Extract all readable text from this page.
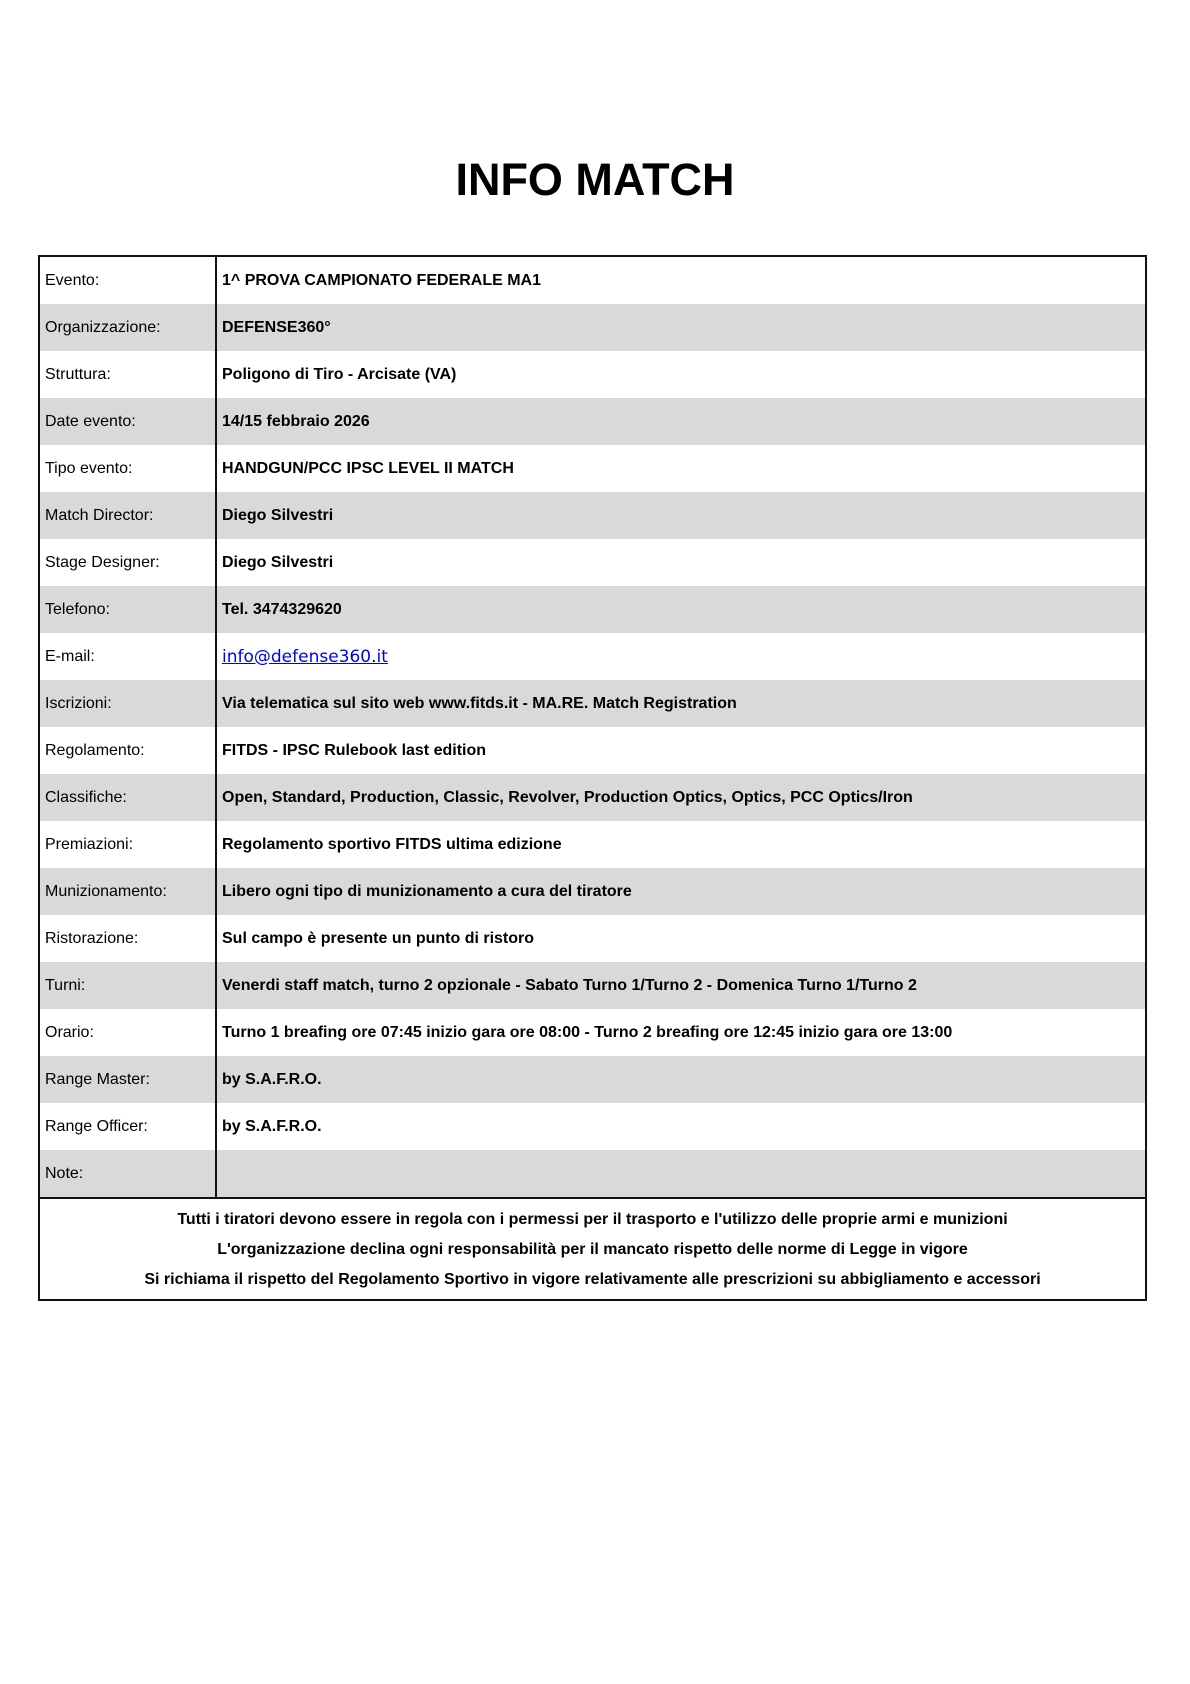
INFO MATCH
Evento:	1^ PROVA CAMPIONATO FEDERALE MA1
Organizzazione:	DEFENSE360°
Struttura:	Poligono di Tiro - Arcisate (VA)
Date evento:	14/15 febbraio 2026
Tipo evento:	HANDGUN/PCC IPSC LEVEL II MATCH
Match Director:	Diego Silvestri
Stage Designer:	Diego Silvestri
Telefono:	Tel. 3474329620
E-mail:	info@defense360.it
Iscrizioni:	Via telematica sul sito web www.fitds.it - MA.RE. Match Registration
Regolamento:	FITDS - IPSC Rulebook last edition
Classifiche:	Open, Standard, Production, Classic, Revolver, Production Optics, Optics, PCC Optics/Iron
Premiazioni:	Regolamento sportivo FITDS ultima edizione
Munizionamento:	Libero ogni tipo di munizionamento a cura del tiratore
Ristorazione:	Sul campo è presente un punto di ristoro
Turni:	Venerdi staff match, turno 2 opzionale - Sabato Turno 1/Turno 2 - Domenica Turno 1/Turno 2
Orario:	Turno 1 breafing ore 07:45 inizio gara ore 08:00 - Turno 2 breafing ore 12:45 inizio gara ore 13:00
Range Master:	by S.A.F.R.O.
Range Officer:	by S.A.F.R.O.
Note:
Tutti i tiratori devono essere in regola con i permessi per il trasporto e l'utilizzo delle proprie armi e munizioni
L'organizzazione declina ogni responsabilità per il mancato rispetto delle norme di Legge in vigore
Si richiama il rispetto del Regolamento Sportivo in vigore relativamente alle prescrizioni su abbigliamento e accessori
